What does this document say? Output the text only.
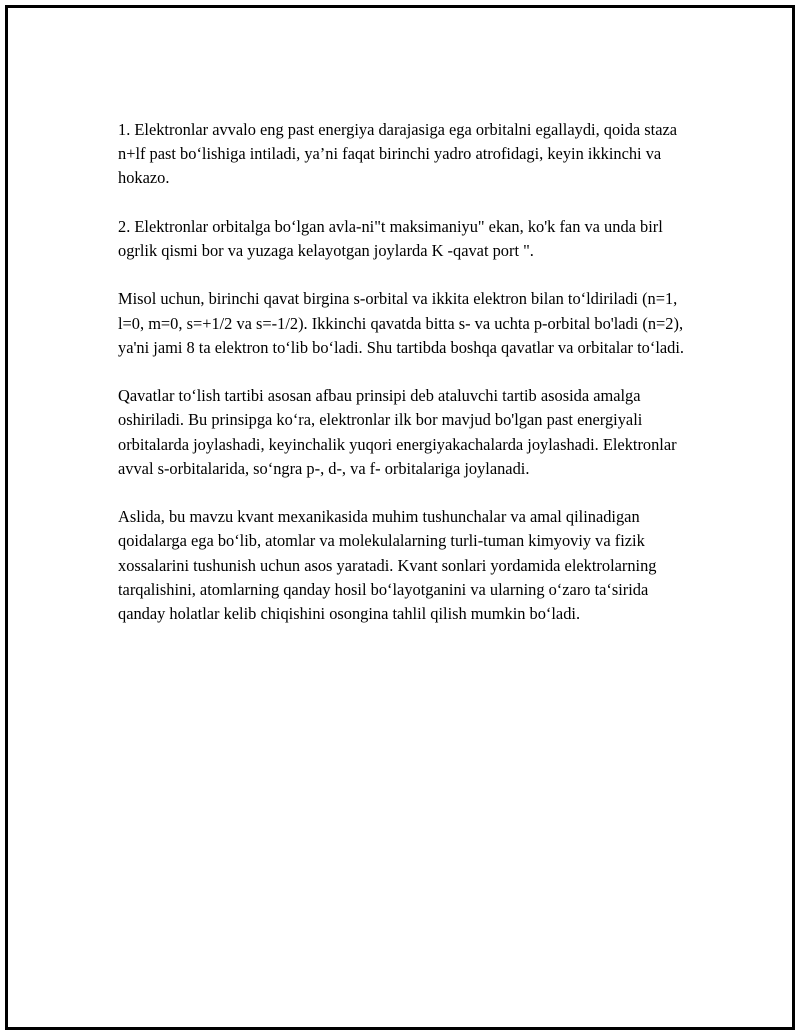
1. Elektronlar avvalo eng past energiya darajasiga ega orbitalni egallaydi, qoida staza n+lf past bo‘lishiga intiladi, ya’ni faqat birinchi yadro atrofidagi, keyin ikkinchi va hokazo.

2. Elektronlar orbitalga bo‘lgan avla-ni"t maksimaniyu" ekan, ko'k fan va unda birl ogrlik qismi bor va yuzaga kelayotgan joylarda K -qavat port ".

Misol uchun, birinchi qavat birgina s-orbital va ikkita elektron bilan to‘ldiriladi (n=1, l=0, m=0, s=+1/2 va s=-1/2). Ikkinchi qavatda bitta s- va uchta p-orbital bo'ladi (n=2), ya'ni jami 8 ta elektron to‘lib bo‘ladi. Shu tartibda boshqa qavatlar va orbitalar to‘ladi.

Qavatlar to‘lish tartibi asosan afbau prinsipi deb ataluvchi tartib asosida amalga oshiriladi. Bu prinsipga ko‘ra, elektronlar ilk bor mavjud bo'lgan past energiyali orbitalarda joylashadi, keyinchalik yuqori energiyakachalarda joylashadi. Elektronlar avval s-orbitalarida, so‘ngra p-, d-, va f- orbitalariga joylanadi.

Aslida, bu mavzu kvant mexanikasida muhim tushunchalar va amal qilinadigan qoidalarga ega bo‘lib, atomlar va molekulalarning turli-tuman kimyoviy va fizik xossalarini tushunish uchun asos yaratadi. Kvant sonlari yordamida elektrolarning tarqalishini, atomlarning qanday hosil bo‘layotganini va ularning o‘zaro ta‘sirida qanday holatlar kelib chiqishini osongina tahlil qilish mumkin bo‘ladi.
